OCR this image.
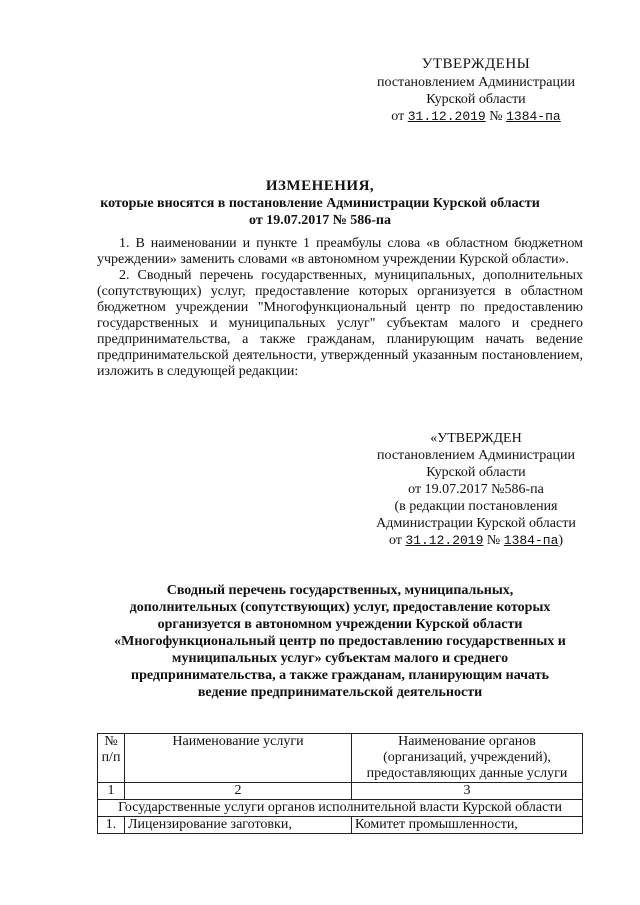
УТВЕРЖДЕНЫ
постановлением Администрации
Курской области
от 31.12.2019 № 1384-па
ИЗМЕНЕНИЯ,
которые вносятся в постановление Администрации Курской области
от 19.07.2017 № 586-па

1. В наименовании и пункте 1 преамбулы слова «в областном бюджетном учреждении» заменить словами «в автономном учреждении Курской области».

2. Сводный перечень государственных, муниципальных, дополнительных (сопутствующих) услуг, предоставление которых организуется в областном бюджетном учреждении "Многофункциональный центр по предоставлению государственных и муниципальных услуг" субъектам малого и среднего предпринимательства, а также гражданам, планирующим начать ведение предпринимательской деятельности, утвержденный указанным постановлением, изложить в следующей редакции:

«УТВЕРЖДЕН
постановлением Администрации
Курской области
от 19.07.2017 №586-па
(в редакции постановления
Администрации Курской области
от 31.12.2019 № 1384-па)
Сводный перечень государственных, муниципальных,
дополнительных (сопутствующих) услуг, предоставление которых
организуется в автономном учреждении Курской области
«Многофункциональный центр по предоставлению государственных и
муниципальных услуг» субъектам малого и среднего
предпринимательства, а также гражданам, планирующим начать
ведение предпринимательской деятельности
№ п/п	Наименование услуги	Наименование органов (организаций, учреждений), предоставляющих данные услуги
1	2	3
Государственные услуги органов исполнительной власти Курской области		
1.	Лицензирование заготовки,	Комитет промышленности,
